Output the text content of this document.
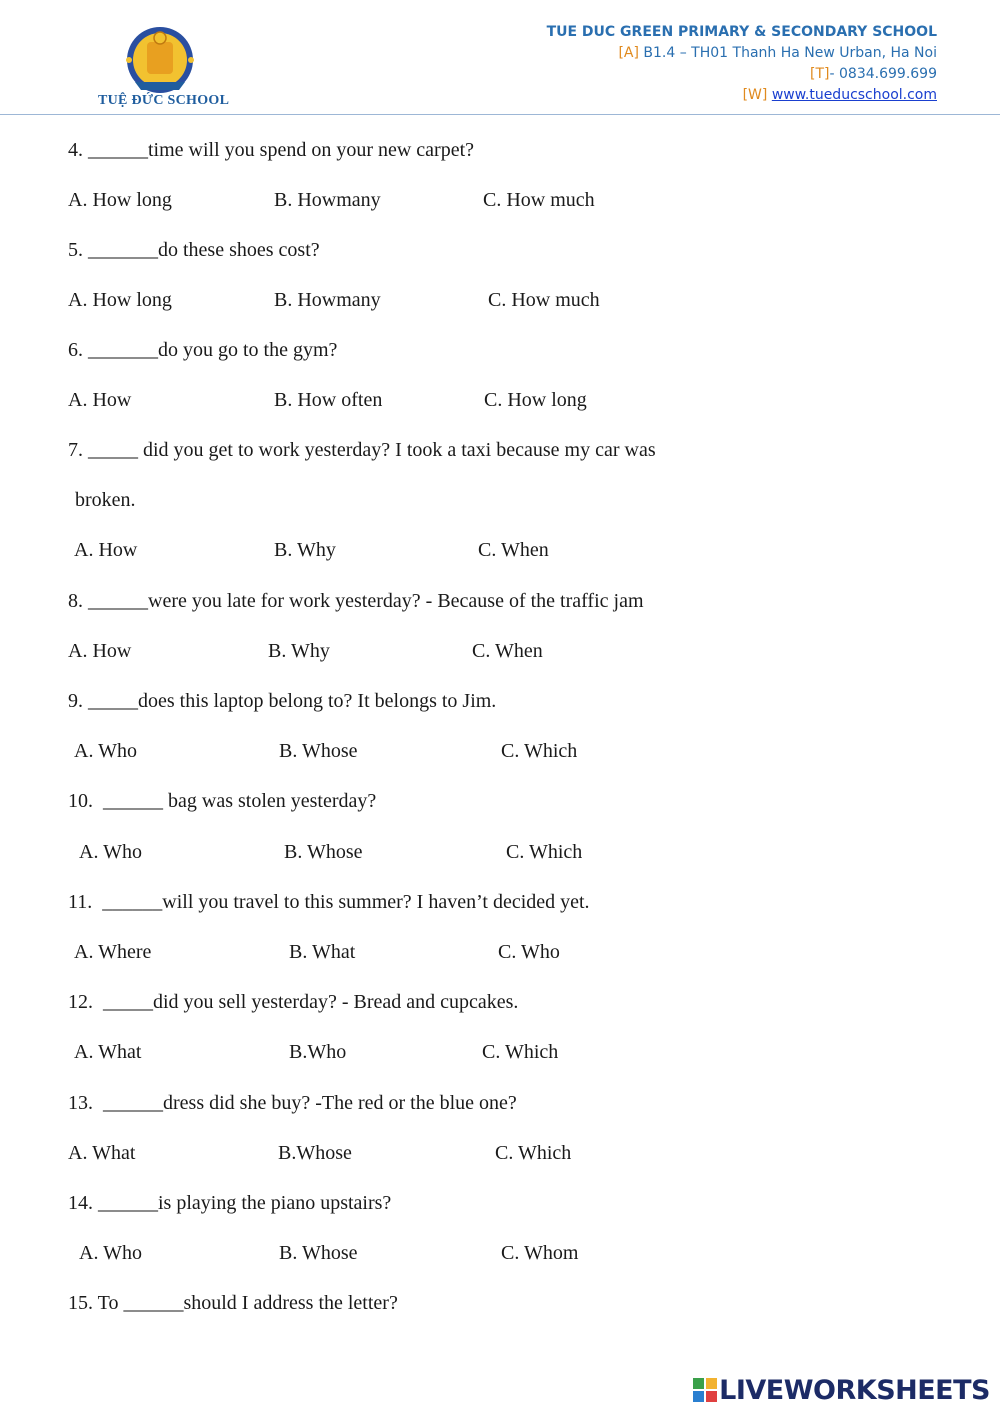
TUỆ ĐỨC SCHOOL
TUE DUC GREEN PRIMARY & SECONDARY SCHOOL
[A] B1.4 – TH01 Thanh Ha New Urban, Ha Noi
[T]- 0834.699.699
[W] www.tueducschool.com
4. ______time will you spend on your new carpet?
A. How long	B. Howmany	C. How much
5. _______do these shoes cost?
A. How long	B. Howmany	C. How much
6. _______do you go to the gym?
A. How	B. How often	C. How long
7. _____ did you get to work yesterday? I took a taxi because my car was
broken.
A. How	B. Why	C. When
8. ______were you late for work yesterday? - Because of the traffic jam
A. How	B. Why	C. When
9. _____does this laptop belong to? It belongs to Jim.
A. Who	B. Whose	C. Which
10. ______ bag was stolen yesterday?
A. Who	B. Whose	C. Which
11. ______will you travel to this summer? I haven’t decided yet.
A. Where	B. What	C. Who
12. _____did you sell yesterday? - Bread and cupcakes.
A. What	B.Who	C. Which
13. ______dress did she buy? -The red or the blue one?
A. What	B.Whose	C. Which
14. ______is playing the piano upstairs?
A. Who	B. Whose	C. Whom
15. To ______should I address the letter?
LIVEWORKSHEETS
